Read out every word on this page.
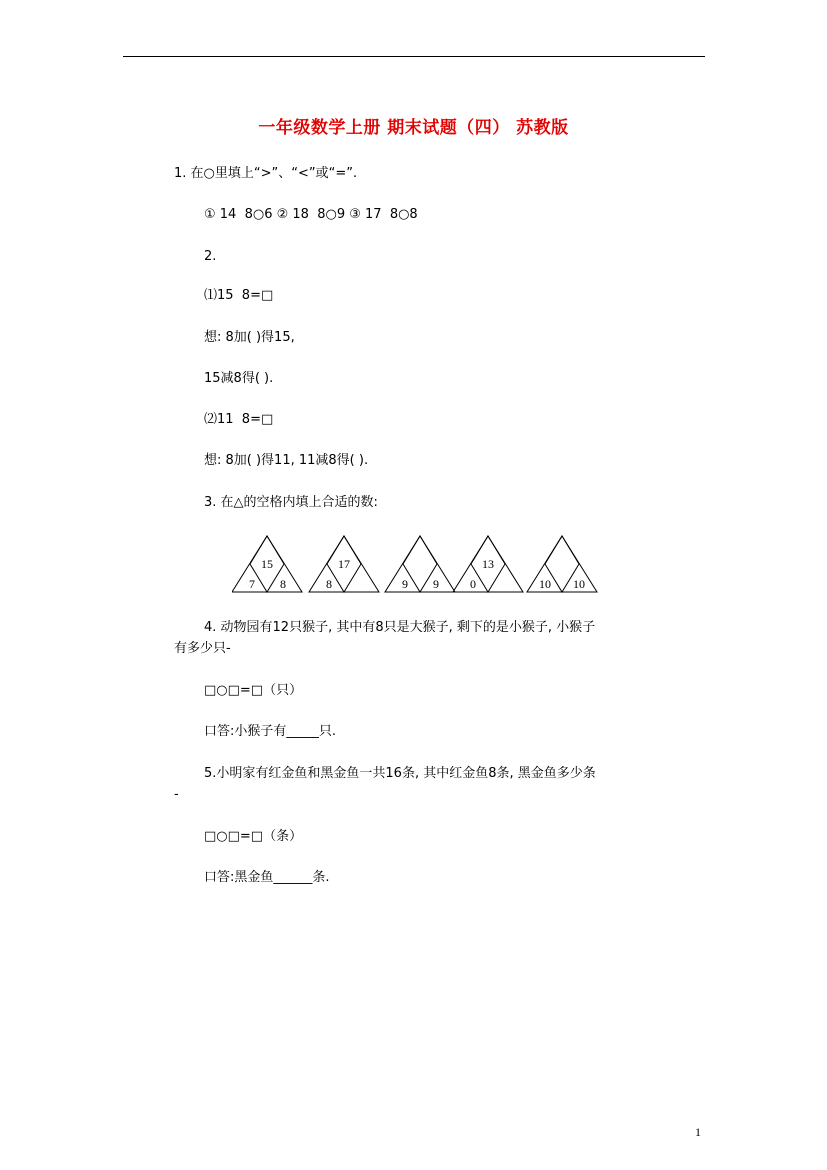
一年级数学上册 期末试题（四） 苏教版
1. 在○里填上“>”、“<”或“=”.
① 14  8○6 ② 18  8○9 ③ 17  8○8
2.
⑴15  8=□
想: 8加( )得15,
15减8得( ).
⑵11  8=□
想: 8加( )得11, 11减8得( ).
3. 在△的空格内填上合适的数:
15
7 8
17
8	9 9
13
0	10 10
4. 动物园有12只猴子, 其中有8只是大猴子, 剩下的是小猴子, 小猴子
有多少只-
□○□=□（只）
口答:小猴子有_____只.
5.小明家有红金鱼和黑金鱼一共16条, 其中红金鱼8条, 黑金鱼多少条
-
□○□=□（条）
口答:黑金鱼______条.
1
